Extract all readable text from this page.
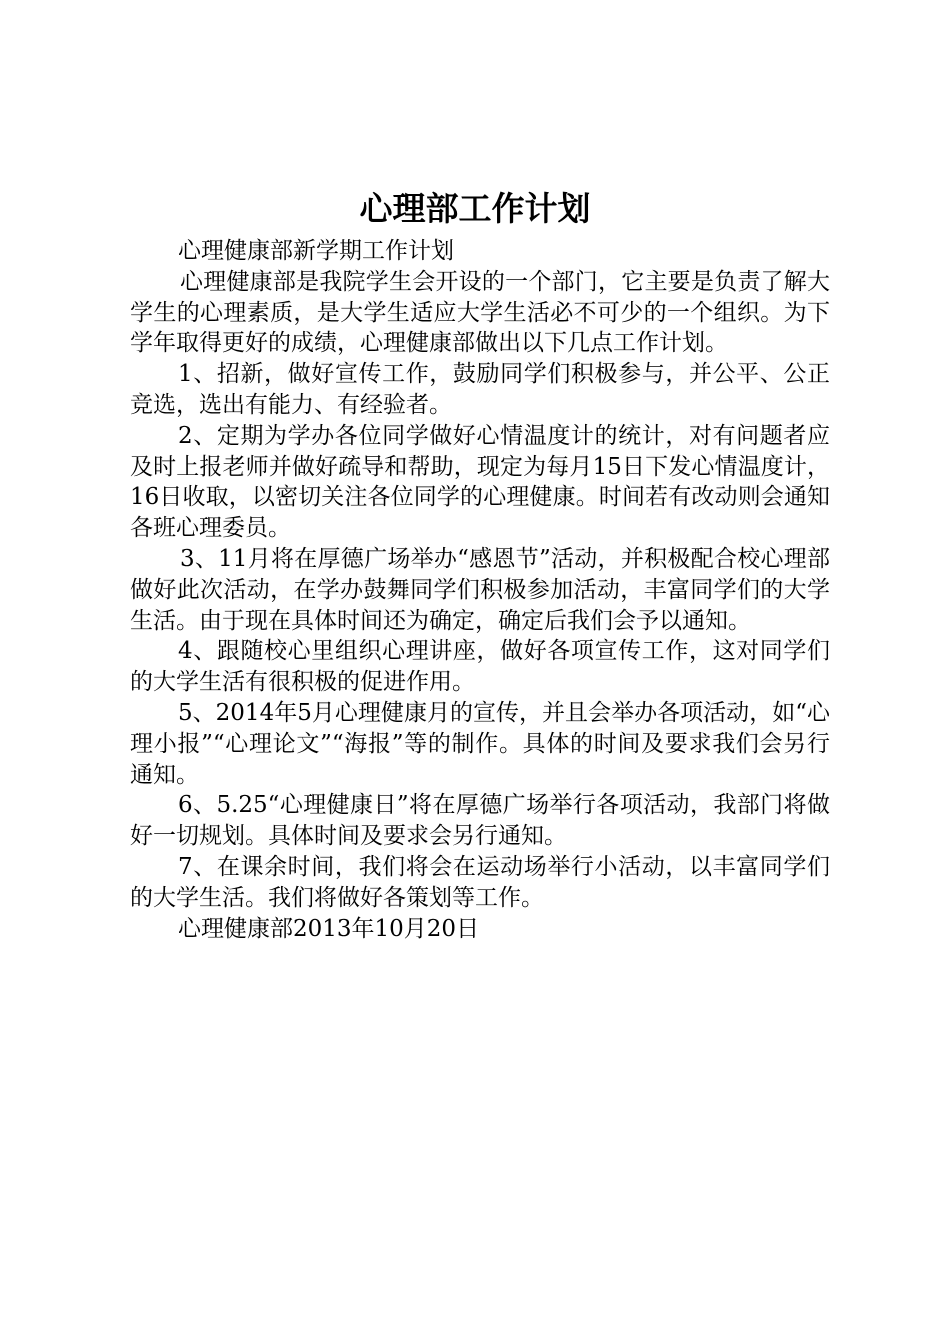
心理部工作计划

心理健康部新学期工作计划

心理健康部是我院学生会开设的一个部门，它主要是负责了解大学生的心理素质，是大学生适应大学生活必不可少的一个组织。为下学年取得更好的成绩，心理健康部做出以下几点工作计划。

1、招新，做好宣传工作，鼓励同学们积极参与，并公平、公正竞选，选出有能力、有经验者。

2、定期为学办各位同学做好心情温度计的统计，对有问题者应及时上报老师并做好疏导和帮助，现定为每月15日下发心情温度计，16日收取，以密切关注各位同学的心理健康。时间若有改动则会通知各班心理委员。

3、11月将在厚德广场举办“感恩节”活动，并积极配合校心理部做好此次活动，在学办鼓舞同学们积极参加活动，丰富同学们的大学生活。由于现在具体时间还为确定，确定后我们会予以通知。

4、跟随校心里组织心理讲座，做好各项宣传工作，这对同学们的大学生活有很积极的促进作用。

5、2014年5月心理健康月的宣传，并且会举办各项活动，如“心理小报”“心理论文”“海报”等的制作。具体的时间及要求我们会另行通知。

6、5.25“心理健康日”将在厚德广场举行各项活动，我部门将做好一切规划。具体时间及要求会另行通知。

7、在课余时间，我们将会在运动场举行小活动，以丰富同学们的大学生活。我们将做好各策划等工作。

心理健康部2013年10月20日
